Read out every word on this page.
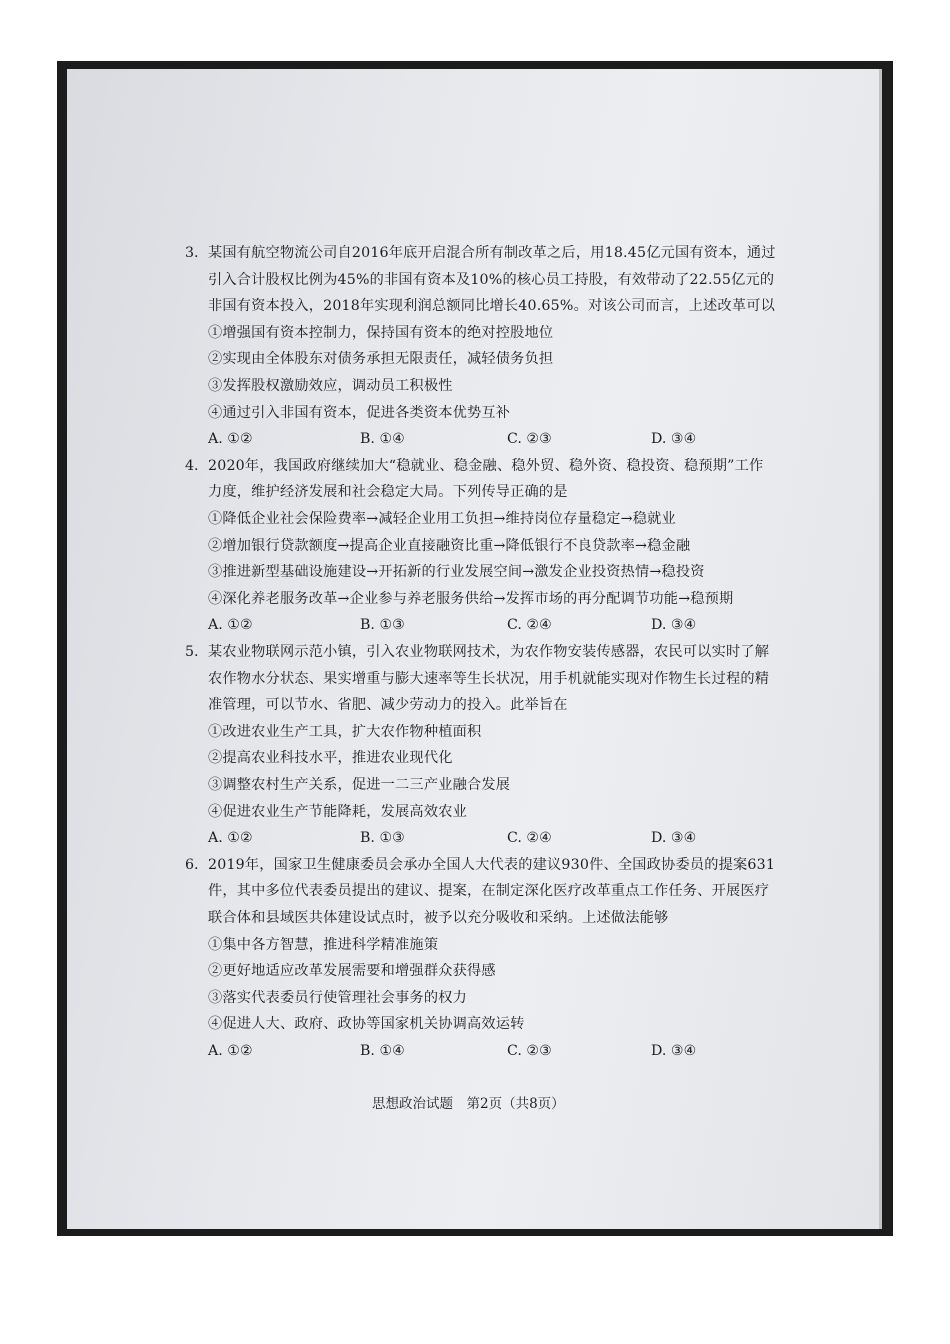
3. 某国有航空物流公司自2016年底开启混合所有制改革之后，用18.45亿元国有资本，通过
引入合计股权比例为45%的非国有资本及10%的核心员工持股，有效带动了22.55亿元的
非国有资本投入，2018年实现利润总额同比增长40.65%。对该公司而言，上述改革可以
①增强国有资本控制力，保持国有资本的绝对控股地位
②实现由全体股东对债务承担无限责任，减轻债务负担
③发挥股权激励效应，调动员工积极性
④通过引入非国有资本，促进各类资本优势互补
A. ①②	B. ①④	C. ②③	D. ③④
4. 2020年，我国政府继续加大“稳就业、稳金融、稳外贸、稳外资、稳投资、稳预期”工作
力度，维护经济发展和社会稳定大局。下列传导正确的是
①降低企业社会保险费率→减轻企业用工负担→维持岗位存量稳定→稳就业
②增加银行贷款额度→提高企业直接融资比重→降低银行不良贷款率→稳金融
③推进新型基础设施建设→开拓新的行业发展空间→激发企业投资热情→稳投资
④深化养老服务改革→企业参与养老服务供给→发挥市场的再分配调节功能→稳预期
A. ①②	B. ①③	C. ②④	D. ③④
5. 某农业物联网示范小镇，引入农业物联网技术，为农作物安装传感器，农民可以实时了解
农作物水分状态、果实增重与膨大速率等生长状况，用手机就能实现对作物生长过程的精
准管理，可以节水、省肥、减少劳动力的投入。此举旨在
①改进农业生产工具，扩大农作物种植面积
②提高农业科技水平，推进农业现代化
③调整农村生产关系，促进一二三产业融合发展
④促进农业生产节能降耗，发展高效农业
A. ①②	B. ①③	C. ②④	D. ③④
6. 2019年，国家卫生健康委员会承办全国人大代表的建议930件、全国政协委员的提案631
件，其中多位代表委员提出的建议、提案，在制定深化医疗改革重点工作任务、开展医疗
联合体和县域医共体建设试点时，被予以充分吸收和采纳。上述做法能够
①集中各方智慧，推进科学精准施策
②更好地适应改革发展需要和增强群众获得感
③落实代表委员行使管理社会事务的权力
④促进人大、政府、政协等国家机关协调高效运转
A. ①②	B. ①④	C. ②③	D. ③④
思想政治试题　第2页（共8页）
